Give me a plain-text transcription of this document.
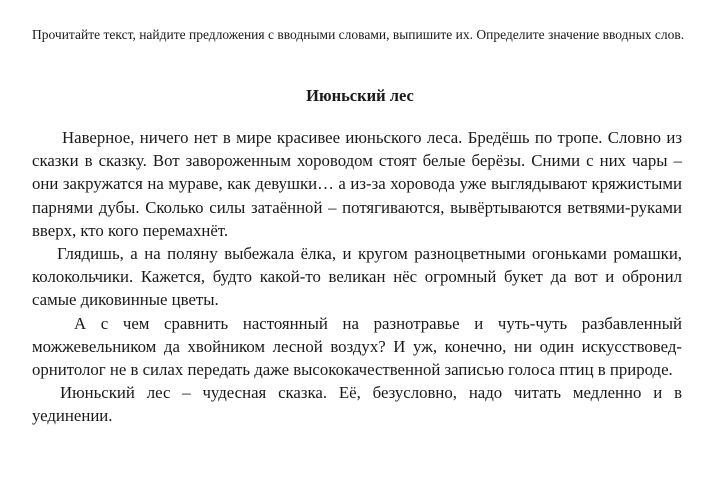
Прочитайте текст, найдите предложения с вводными словами, выпишите их. Определите значение вводных слов.
Июньский лес

Наверное, ничего нет в мире красивее июньского леса. Бредёшь по тропе. Словно из сказки в сказку. Вот завороженным хороводом стоят белые берёзы. Сними с них чары – они закружатся на мураве, как девушки… а из-за хоровода уже выглядывают кряжистыми парнями дубы. Сколько силы затаённой – потягиваются, вывёртываются ветвями-руками вверх, кто кого перемахнёт.

Глядишь, а на поляну выбежала ёлка, и кругом разноцветными огоньками ромашки, колокольчики. Кажется, будто какой-то великан нёс огромный букет да вот и обронил самые диковинные цветы.

А с чем сравнить настоянный на разнотравье и чуть-чуть разбавленный можжевельником да хвойником лесной воздух? И уж, конечно, ни один искусствовед-орнитолог не в силах передать даже высококачественной записью голоса птиц в природе.

Июньский лес – чудесная сказка. Её, безусловно, надо читать медленно и в уединении.
